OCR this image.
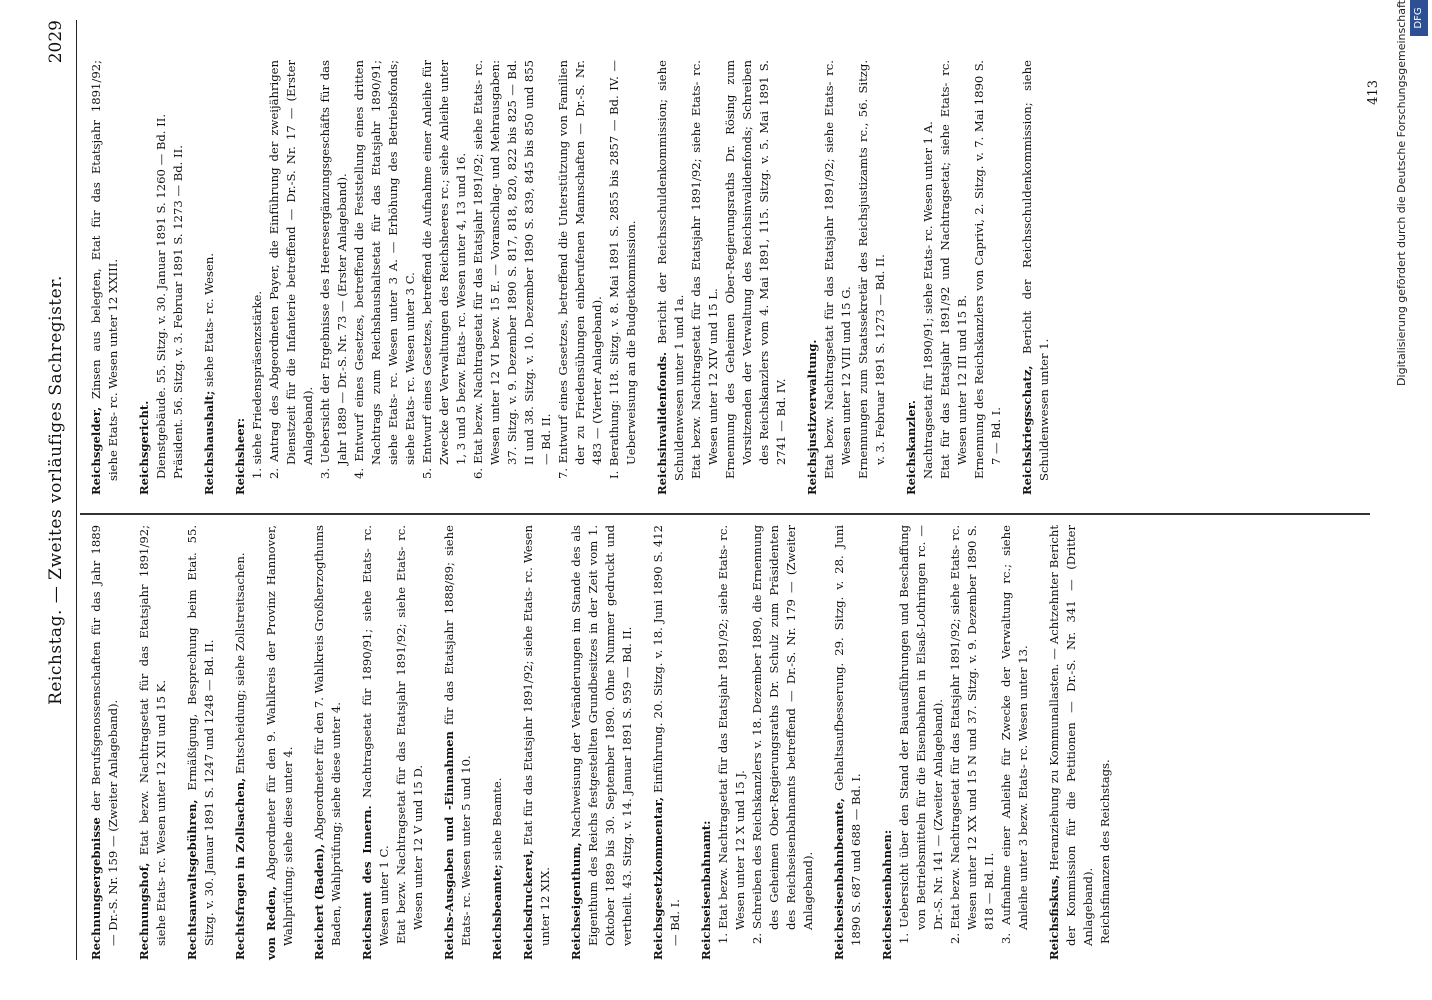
Reichstag. — Zweites vorläufiges Sachregister.
2029
Rechnungsergebnisse der Berufsgenossenschaften für das Jahr 1889 — Dr.-S. Nr. 159 — (Zweiter Anlageband). Rechnungshof, Etat bezw. Nachtragsetat für das Etatsjahr 1891/92; siehe Etats- rc. Wesen unter 12 XII und 15 K. Rechtsanwaltsgebühren, Ermäßigung, Besprechung beim Etat. 55. Sitzg. v. 30. Januar 1891 S. 1247 und 1248 — Bd. II. Rechtsfragen in Zollsachen, Entscheidung; siehe Zollstreitsachen.
von Reden, Abgeordneter für den 9. Wahlkreis der Provinz Hannover, Wahlprüfung; siehe diese unter 4. Reichert (Baden), Abgeordneter für den 7. Wahlkreis Großherzogthums Baden, Wahlprüfung; siehe diese unter 4. Reichsamt des Innern. Nachtragsetat für 1890/91; siehe Etats- rc. Wesen unter 1 C. Etat bezw. Nachtragsetat für das Etatsjahr 1891/92; siehe Etats- rc. Wesen unter 12 V und 15 D. Reichs-Ausgaben und -Einnahmen für das Etatsjahr 1888/89; siehe Etats- rc. Wesen unter 5 und 10. Reichsbeamte; siehe Beamte.
Reichsdruckerei, Etat für das Etatsjahr 1891/92; siehe Etats- rc. Wesen unter 12 XIX. Reichseigenthum, Nachweisung der Veränderungen im Stande des als Eigenthum des Reichs festgestellten Grundbesitzes in der Zeit vom 1. Oktober 1889 bis 30. September 1890. Ohne Nummer gedruckt und vertheilt. 43. Sitzg. v. 14. Januar 1891 S. 959 — Bd. II. Reichsgesetzkommentar, Einführung. 20. Sitzg. v. 18. Juni 1890 S. 412 — Bd. I. Reichseisenbahnamt: 1. Etat bezw. Nachtragsetat für das Etatsjahr 1891/92; siehe Etats- rc. Wesen unter 12 X und 15 J. 2. Schreiben des Reichskanzlers v. 18. Dezember 1890, die Ernennung des Geheimen Ober-Regierungsraths Dr. Schulz zum Präsidenten des Reichseisenbahnamts betreffend — Dr.-S. Nr. 179 — (Zweiter Anlageband). Reichseisenbahnbeamte, Gehaltsaufbesserung. 29. Sitzg. v. 28. Juni 1890 S. 687 und 688 — Bd. I. Reichseisenbahnen: 1. Uebersicht über den Stand der Bauausführungen und Beschaffung von Betriebsmitteln für die Eisenbahnen in Elsaß-Lothringen rc. — Dr.-S. Nr. 141 — (Zweiter Anlageband). 2. Etat bezw. Nachtragsetat für das Etatsjahr 1891/92; siehe Etats- rc. Wesen unter 12 XX und 15 N und 37. Sitzg. v. 9. Dezember 1890 S. 818 — Bd. II. 3. Aufnahme einer Anleihe für Zwecke der Verwaltung rc.; siehe Anleihe unter 3 bezw. Etats- rc. Wesen unter 13. Reichsfiskus, Heranziehung zu Kommunallasten. — Achtzehnter Bericht der Kommission für die Petitionen — Dr.-S. Nr. 341 — (Dritter Anlageband). Reichsfinanzen des Reichstags.
Reichsgelder, Zinsen aus belegten, Etat für das Etatsjahr 1891/92; siehe Etats- rc. Wesen unter 12 XXIII. Reichsgericht. Dienstgebäude. 55. Sitzg. v. 30. Januar 1891 S. 1260 — Bd. II. Präsident. 56. Sitzg. v. 3. Februar 1891 S. 1273 — Bd. II. Reichshaushalt; siehe Etats- rc. Wesen.
Reichsheer: 1. siehe Friedenspräsenzstärke. 2. Antrag des Abgeordneten Payer, die Einführung der zweijährigen Dienstzeit für die Infanterie betreffend — Dr.-S. Nr. 17 — (Erster Anlageband). 3. Uebersicht der Ergebnisse des Heeresergänzungsgeschäfts für das Jahr 1889 — Dr.-S. Nr. 73 — (Erster Anlageband). 4. Entwurf eines Gesetzes, betreffend die Feststellung eines dritten Nachtrags zum Reichshaushaltsetat für das Etatsjahr 1890/91; siehe Etats- rc. Wesen unter 3 A. — Erhöhung des Betriebsfonds; siehe Etats- rc. Wesen unter 3 C. 5. Entwurf eines Gesetzes, betreffend die Aufnahme einer Anleihe für Zwecke der Verwaltungen des Reichsheeres rc.; siehe Anleihe unter 1, 3 und 5 bezw. Etats- rc. Wesen unter 4, 13 und 16. 6. Etat bezw. Nachtragsetat für das Etatsjahr 1891/92; siehe Etats- rc. Wesen unter 12 VI bezw. 15 E. — Voranschlag- und Mehrausgaben: 37. Sitzg. v. 9. Dezember 1890 S. 817, 818, 820, 822 bis 825 — Bd. II und 38. Sitzg. v. 10. Dezember 1890 S. 839, 845 bis 850 und 855 — Bd. II. 7. Entwurf eines Gesetzes, betreffend die Unterstützung von Familien der zu Friedensübungen einberufenen Mannschaften — Dr.-S. Nr. 483 — (Vierter Anlageband). I. Berathung: 118. Sitzg. v. 8. Mai 1891 S. 2855 bis 2857 — Bd. IV. — Ueberweisung an die Budgetkommission. Reichsinvalidenfonds. Bericht der Reichsschuldenkommission; siehe Schuldenwesen unter 1 und 1a. Etat bezw. Nachtragsetat für das Etatsjahr 1891/92; siehe Etats- rc. Wesen unter 12 XIV und 15 L. Ernennung des Geheimen Ober-Regierungsraths Dr. Rösing zum Vorsitzenden der Verwaltung des Reichsinvalidenfonds; Schreiben des Reichskanzlers vom 4. Mai 1891, 115. Sitzg. v. 5. Mai 1891 S. 2741 — Bd. IV. Reichsjustizverwaltung. Etat bezw. Nachtragsetat für das Etatsjahr 1891/92; siehe Etats- rc. Wesen unter 12 VIII und 15 G. Ernennungen zum Staatssekretär des Reichsjustizamts rc., 56. Sitzg. v. 3. Februar 1891 S. 1273 — Bd. II. Reichskanzler. Nachtragsetat für 1890/91; siehe Etats- rc. Wesen unter 1 A. Etat für das Etatsjahr 1891/92 und Nachtragsetat; siehe Etats- rc. Wesen unter 12 III und 15 B. Ernennung des Reichskanzlers von Caprivi, 2. Sitzg. v. 7. Mai 1890 S. 7 — Bd. I. Reichskriegsschatz, Bericht der Reichsschuldenkommission; siehe Schuldenwesen unter 1.
413 Digitalisierung gefördert durch die Deutsche Forschungsgemeinschaft DFG
